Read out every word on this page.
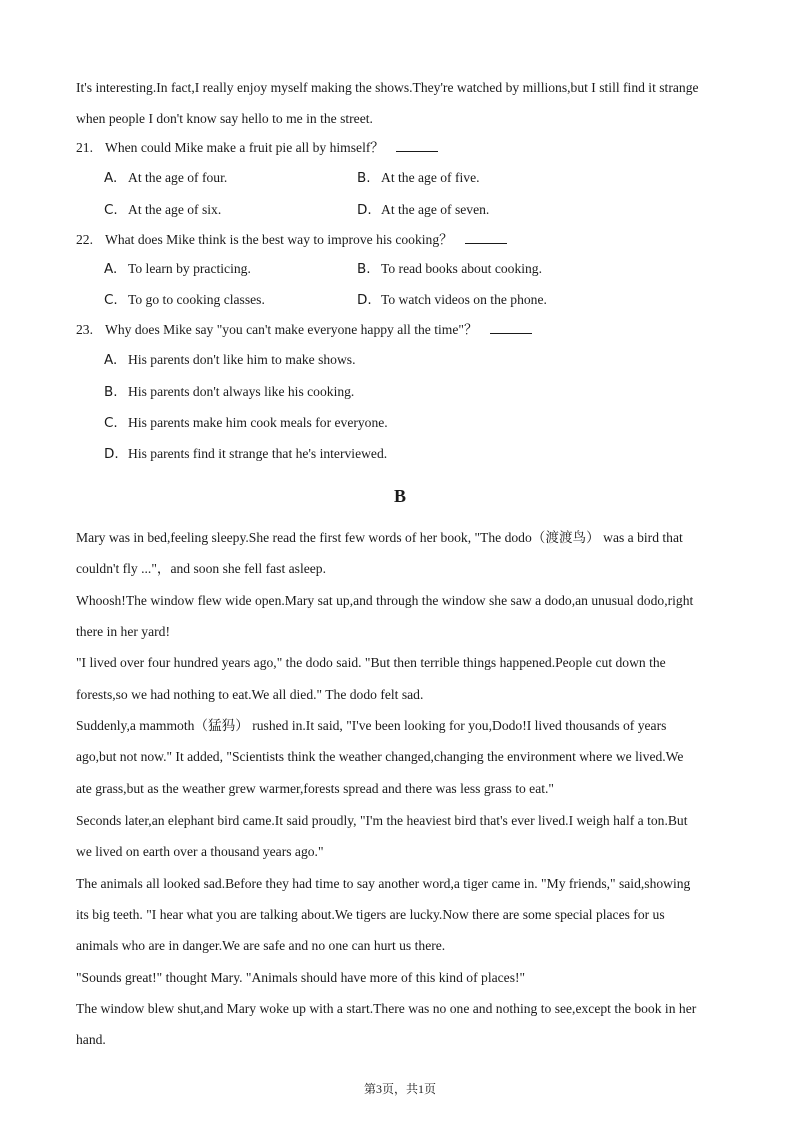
It's interesting.In fact,I really enjoy myself making the shows.They're watched by millions,but I still find it strange
when people I don't know say hello to me in the street.
21. When could Mike make a fruit pie all by himself？
A. At the age of four.	B. At the age of five.
C. At the age of six.	D. At the age of seven.
22. What does Mike think is the best way to improve his cooking？
A. To learn by practicing.	B. To read books about cooking.
C. To go to cooking classes.	D. To watch videos on the phone.
23. Why does Mike say "you can't make everyone happy all the time"？
A. His parents don't like him to make shows.
B. His parents don't always like his cooking.
C. His parents make him cook meals for everyone.
D. His parents find it strange that he's interviewed.
B
Mary was in bed,feeling sleepy.She read the first few words of her book, "The dodo（渡渡鸟） was a bird that
couldn't fly ..."，and soon she fell fast asleep.
Whoosh!The window flew wide open.Mary sat up,and through the window she saw a dodo,an unusual dodo,right
there in her yard!
"I lived over four hundred years ago," the dodo said. "But then terrible things happened.People cut down the
forests,so we had nothing to eat.We all died." The dodo felt sad.
Suddenly,a mammoth（猛犸） rushed in.It said, "I've been looking for you,Dodo!I lived thousands of years
ago,but not now." It added, "Scientists think the weather changed,changing the environment where we lived.We
ate grass,but as the weather grew warmer,forests spread and there was less grass to eat."
Seconds later,an elephant bird came.It said proudly, "I'm the heaviest bird that's ever lived.I weigh half a ton.But
we lived on earth over a thousand years ago."
The animals all looked sad.Before they had time to say another word,a tiger came in. "My friends," said,showing
its big teeth. "I hear what you are talking about.We tigers are lucky.Now there are some special places for us
animals who are in danger.We are safe and no one can hurt us there.
"Sounds great!" thought Mary. "Animals should have more of this kind of places!"
The window blew shut,and Mary woke up with a start.There was no one and nothing to see,except the book in her
hand.
第3页，共1页
